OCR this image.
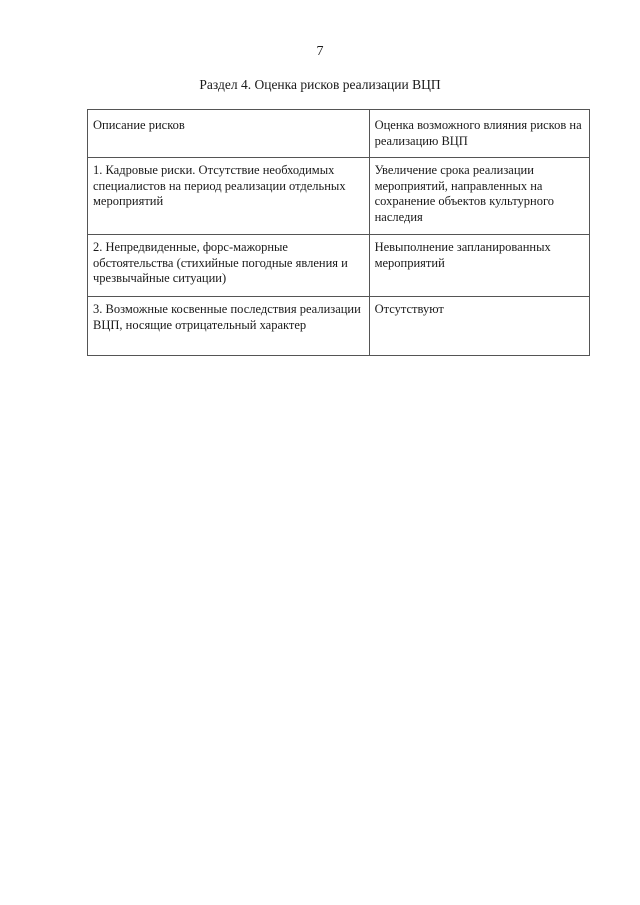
7
Раздел 4. Оценка рисков реализации ВЦП
Описание рисков	Оценка возможного влияния рисков на реализацию ВЦП
1. Кадровые риски. Отсутствие необходимых специалистов на период реализации отдельных мероприятий	Увеличение срока реализации мероприятий, направленных на сохранение объектов культурного наследия
2. Непредвиденные, форс-мажорные обстоятельства (стихийные погодные явления и чрезвычайные ситуации)	Невыполнение запланированных мероприятий
3. Возможные косвенные последствия реализации ВЦП, носящие отрицательный характер	Отсутствуют
